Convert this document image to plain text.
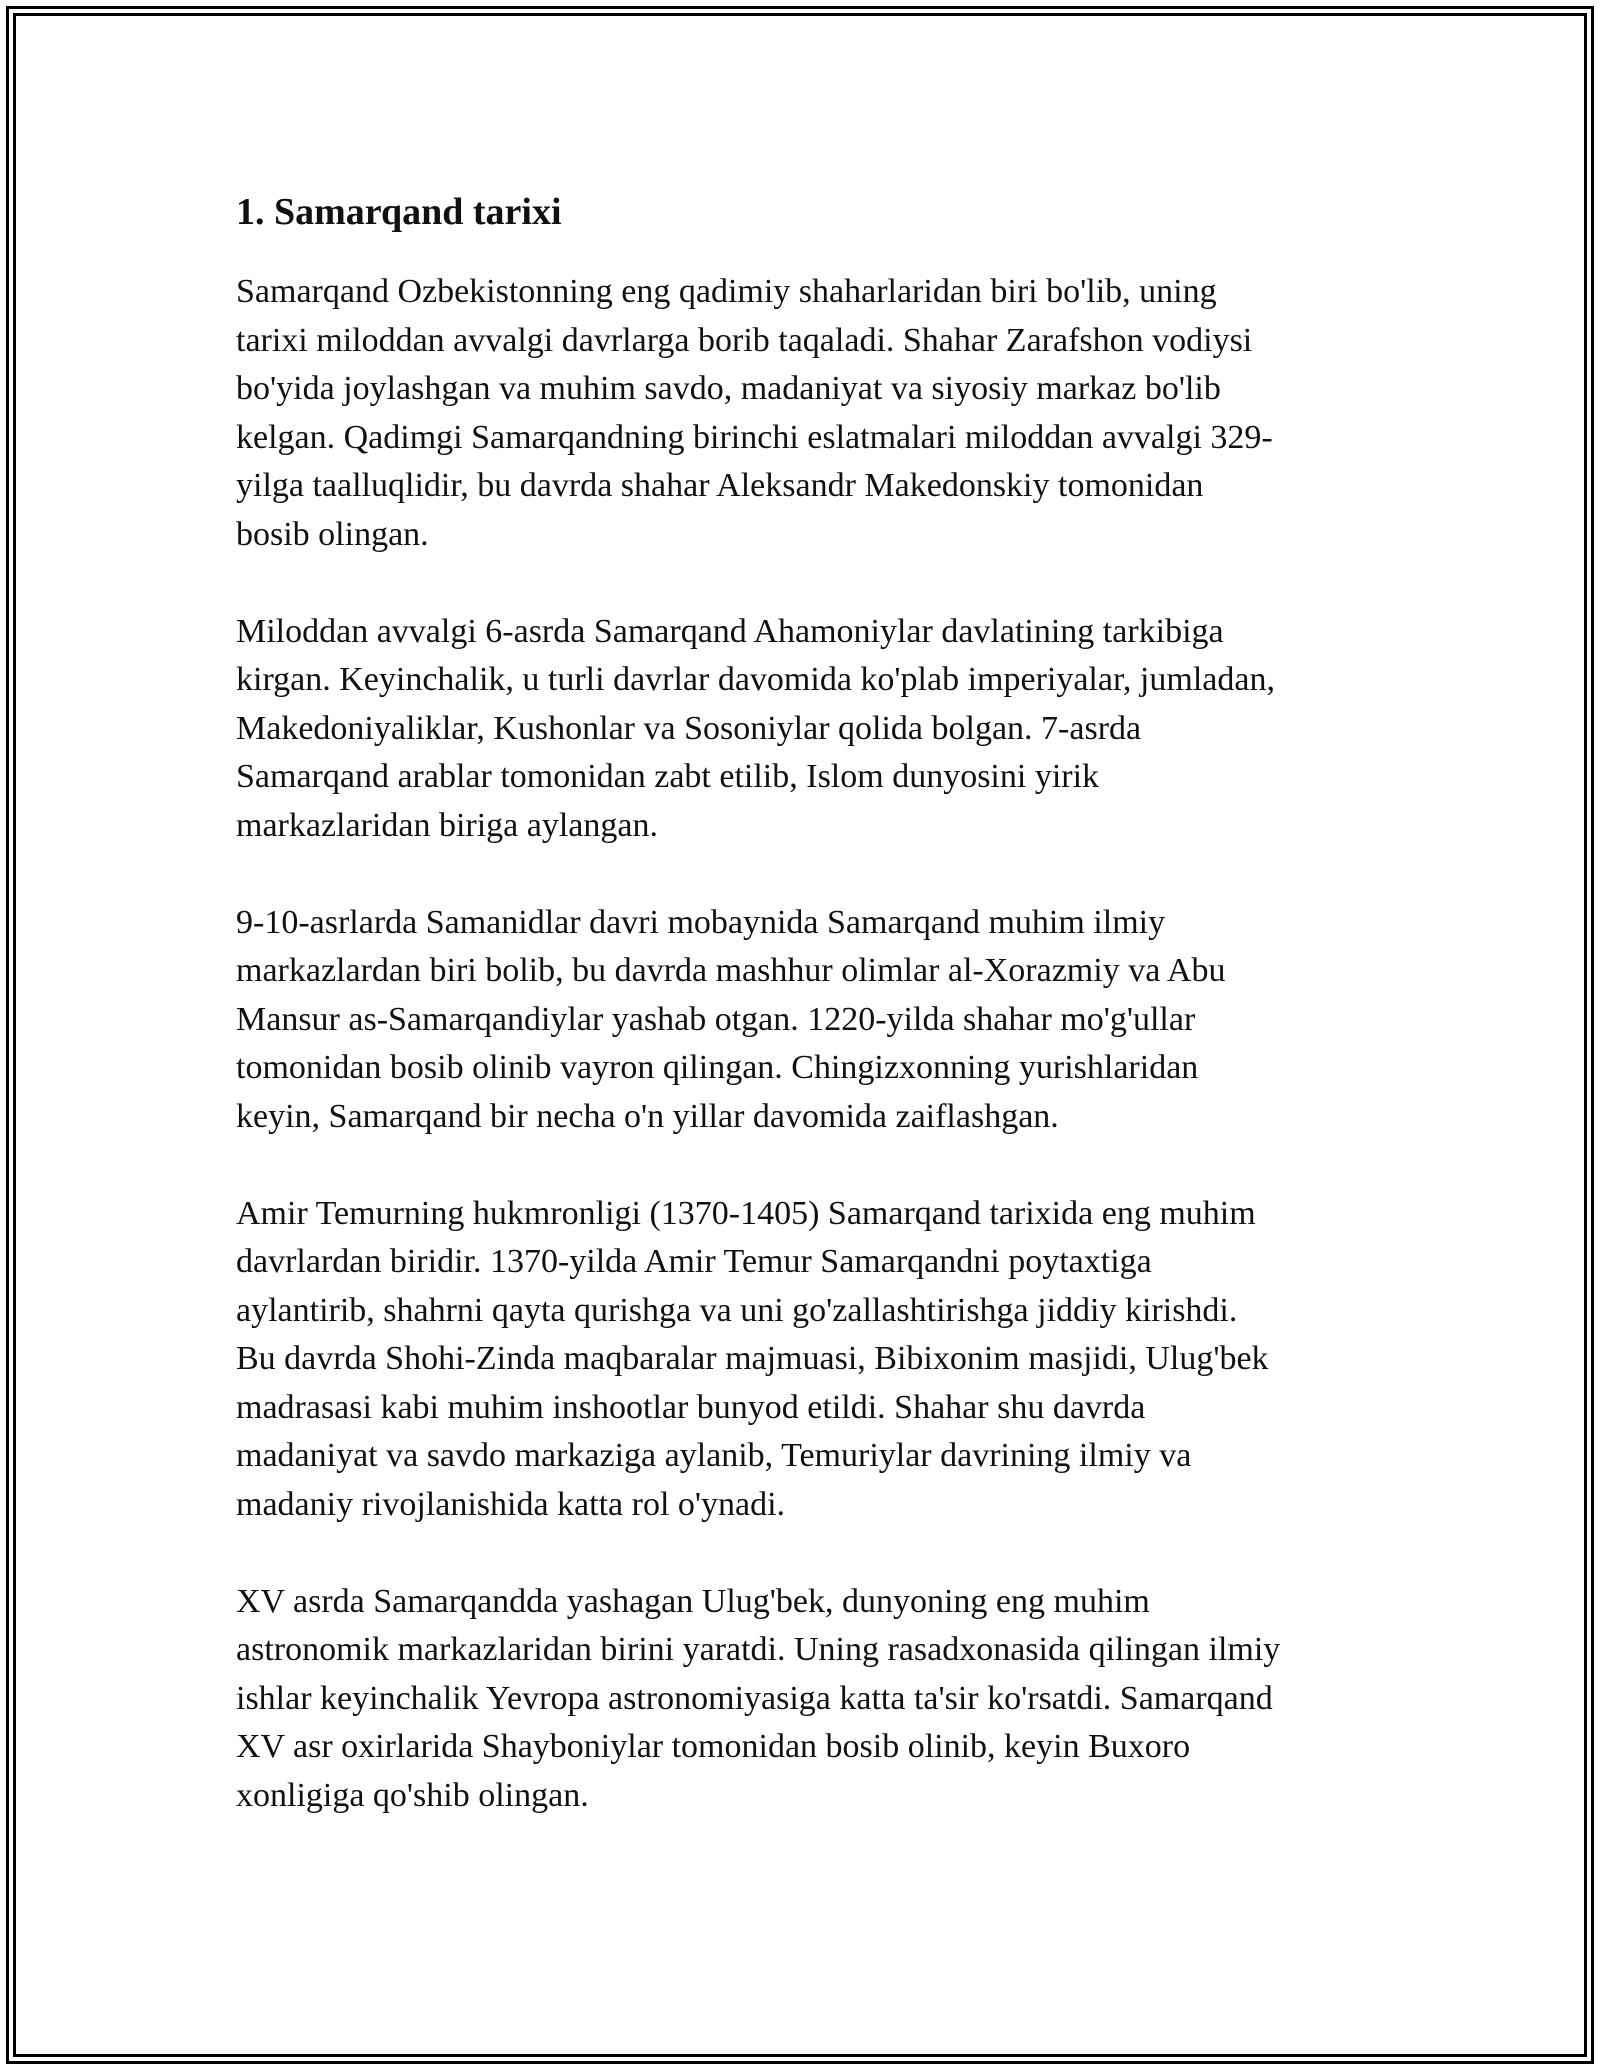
1. Samarqand tarixi

Samarqand Ozbekistonning eng qadimiy shaharlaridan biri bo'lib, uning
tarixi miloddan avvalgi davrlarga borib taqaladi. Shahar Zarafshon vodiysi
bo'yida joylashgan va muhim savdo, madaniyat va siyosiy markaz bo'lib
kelgan. Qadimgi Samarqandning birinchi eslatmalari miloddan avvalgi 329-
yilga taalluqlidir, bu davrda shahar Aleksandr Makedonskiy tomonidan
bosib olingan.

Miloddan avvalgi 6-asrda Samarqand Ahamoniylar davlatining tarkibiga
kirgan. Keyinchalik, u turli davrlar davomida ko'plab imperiyalar, jumladan,
Makedoniyaliklar, Kushonlar va Sosoniylar qolida bolgan. 7-asrda
Samarqand arablar tomonidan zabt etilib, Islom dunyosini yirik
markazlaridan biriga aylangan.

9-10-asrlarda Samanidlar davri mobaynida Samarqand muhim ilmiy
markazlardan biri bolib, bu davrda mashhur olimlar al-Xorazmiy va Abu
Mansur as-Samarqandiylar yashab otgan. 1220-yilda shahar mo'g'ullar
tomonidan bosib olinib vayron qilingan. Chingizxonning yurishlaridan
keyin, Samarqand bir necha o'n yillar davomida zaiflashgan.

Amir Temurning hukmronligi (1370-1405) Samarqand tarixida eng muhim
davrlardan biridir. 1370-yilda Amir Temur Samarqandni poytaxtiga
aylantirib, shahrni qayta qurishga va uni go'zallashtirishga jiddiy kirishdi.
Bu davrda Shohi-Zinda maqbaralar majmuasi, Bibixonim masjidi, Ulug'bek
madrasasi kabi muhim inshootlar bunyod etildi. Shahar shu davrda
madaniyat va savdo markaziga aylanib, Temuriylar davrining ilmiy va
madaniy rivojlanishida katta rol o'ynadi.

XV asrda Samarqandda yashagan Ulug'bek, dunyoning eng muhim
astronomik markazlaridan birini yaratdi. Uning rasadxonasida qilingan ilmiy
ishlar keyinchalik Yevropa astronomiyasiga katta ta'sir ko'rsatdi. Samarqand
XV asr oxirlarida Shayboniylar tomonidan bosib olinib, keyin Buxoro
xonligiga qo'shib olingan.
